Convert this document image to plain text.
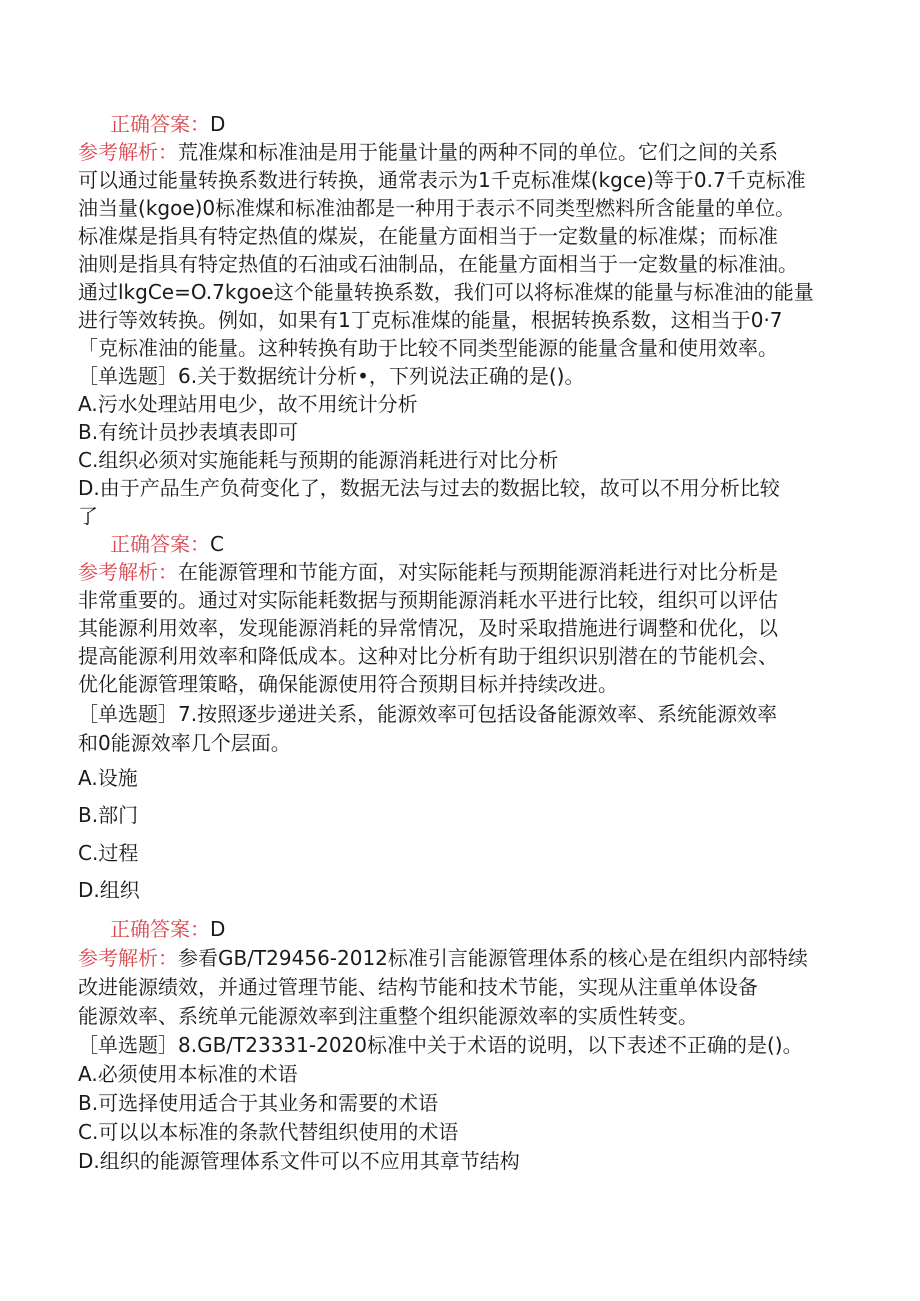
正确答案：D
参考解析：荒准煤和标准油是用于能量计量的两种不同的单位。它们之间的关系
可以通过能量转换系数进行转换，通常表示为1千克标准煤(kgce)等于0.7千克标准
油当量(kgoe)0标准煤和标准油都是一种用于表示不同类型燃料所含能量的单位。
标准煤是指具有特定热值的煤炭，在能量方面相当于一定数量的标准煤；而标准
油则是指具有特定热值的石油或石油制品，在能量方面相当于一定数量的标准油。
通过lkgCe=O.7kgoe这个能量转换系数，我们可以将标准煤的能量与标准油的能量
进行等效转换。例如，如果有1丁克标准煤的能量，根据转换系数，这相当于0·7
「克标准油的能量。这种转换有助于比较不同类型能源的能量含量和使用效率。
［单选题］6.关于数据统计分析•，下列说法正确的是()。
A.污水处理站用电少，故不用统计分析
B.有统计员抄表填表即可
C.组织必须对实施能耗与预期的能源消耗进行对比分析
D.由于产品生产负荷变化了，数据无法与过去的数据比较，故可以不用分析比较
了
正确答案：C
参考解析：在能源管理和节能方面，对实际能耗与预期能源消耗进行对比分析是
非常重要的。通过对实际能耗数据与预期能源消耗水平进行比较，组织可以评估
其能源利用效率，发现能源消耗的异常情况，及时采取措施进行调整和优化，以
提高能源利用效率和降低成本。这种对比分析有助于组织识别潜在的节能机会、
优化能源管理策略，确保能源使用符合预期目标并持续改进。
［单选题］7.按照逐步递进关系，能源效率可包括设备能源效率、系统能源效率
和0能源效率几个层面。
A.设施
B.部门
C.过程
D.组织
正确答案：D
参考解析：参看GB/T29456-2012标准引言能源管理体系的核心是在组织内部特续
改进能源绩效，并通过管理节能、结构节能和技术节能，实现从注重单体设备
能源效率、系统单元能源效率到注重整个组织能源效率的实质性转变。
［单选题］8.GB/T23331-2020标准中关于术语的说明，以下表述不正确的是()。
A.必须使用本标准的术语
B.可选择使用适合于其业务和需要的术语
C.可以以本标准的条款代替组织使用的术语
D.组织的能源管理体系文件可以不应用其章节结构
